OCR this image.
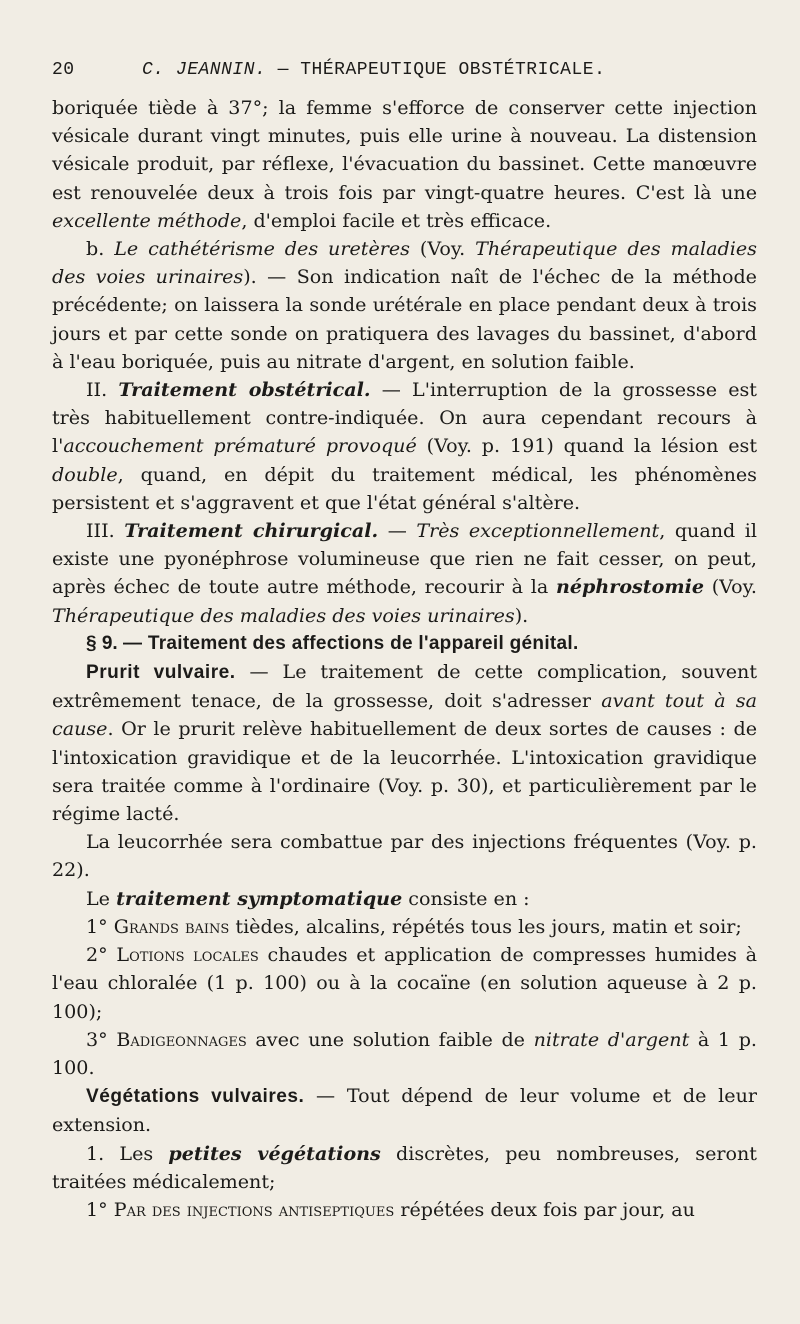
20	C. JEANNIN. — THÉRAPEUTIQUE OBSTÉTRICALE.

boriquée tiède à 37°; la femme s'efforce de conserver cette injection vésicale durant vingt minutes, puis elle urine à nouveau. La distension vésicale produit, par réflexe, l'évacuation du bassinet. Cette manœuvre est renouvelée deux à trois fois par vingt-quatre heures. C'est là une excellente méthode, d'emploi facile et très efficace.

b. Le cathétérisme des uretères (Voy. Thérapeutique des maladies des voies urinaires). — Son indication naît de l'échec de la méthode précédente; on laissera la sonde urétérale en place pendant deux à trois jours et par cette sonde on pratiquera des lavages du bassinet, d'abord à l'eau boriquée, puis au nitrate d'argent, en solution faible.

II. Traitement obstétrical. — L'interruption de la grossesse est très habituellement contre-indiquée. On aura cependant recours à l'accouchement prématuré provoqué (Voy. p. 191) quand la lésion est double, quand, en dépit du traitement médical, les phénomènes persistent et s'aggravent et que l'état général s'altère.

III. Traitement chirurgical. — Très exceptionnellement, quand il existe une pyonéphrose volumineuse que rien ne fait cesser, on peut, après échec de toute autre méthode, recourir à la néphrostomie (Voy. Thérapeutique des maladies des voies urinaires).

§ 9. — Traitement des affections de l'appareil génital.

Prurit vulvaire. — Le traitement de cette complication, souvent extrêmement tenace, de la grossesse, doit s'adresser avant tout à sa cause. Or le prurit relève habituellement de deux sortes de causes : de l'intoxication gravidique et de la leucorrhée. L'intoxication gravidique sera traitée comme à l'ordinaire (Voy. p. 30), et particulièrement par le régime lacté.

La leucorrhée sera combattue par des injections fréquentes (Voy. p. 22).

Le traitement symptomatique consiste en :

1° Grands bains tièdes, alcalins, répétés tous les jours, matin et soir;

2° Lotions locales chaudes et application de compresses humides à l'eau chloralée (1 p. 100) ou à la cocaïne (en solution aqueuse à 2 p. 100);

3° Badigeonnages avec une solution faible de nitrate d'argent à 1 p. 100.

Végétations vulvaires. — Tout dépend de leur volume et de leur extension.

1. Les petites végétations discrètes, peu nombreuses, seront traitées médicalement;

1° Par des injections antiseptiques répétées deux fois par jour, au
